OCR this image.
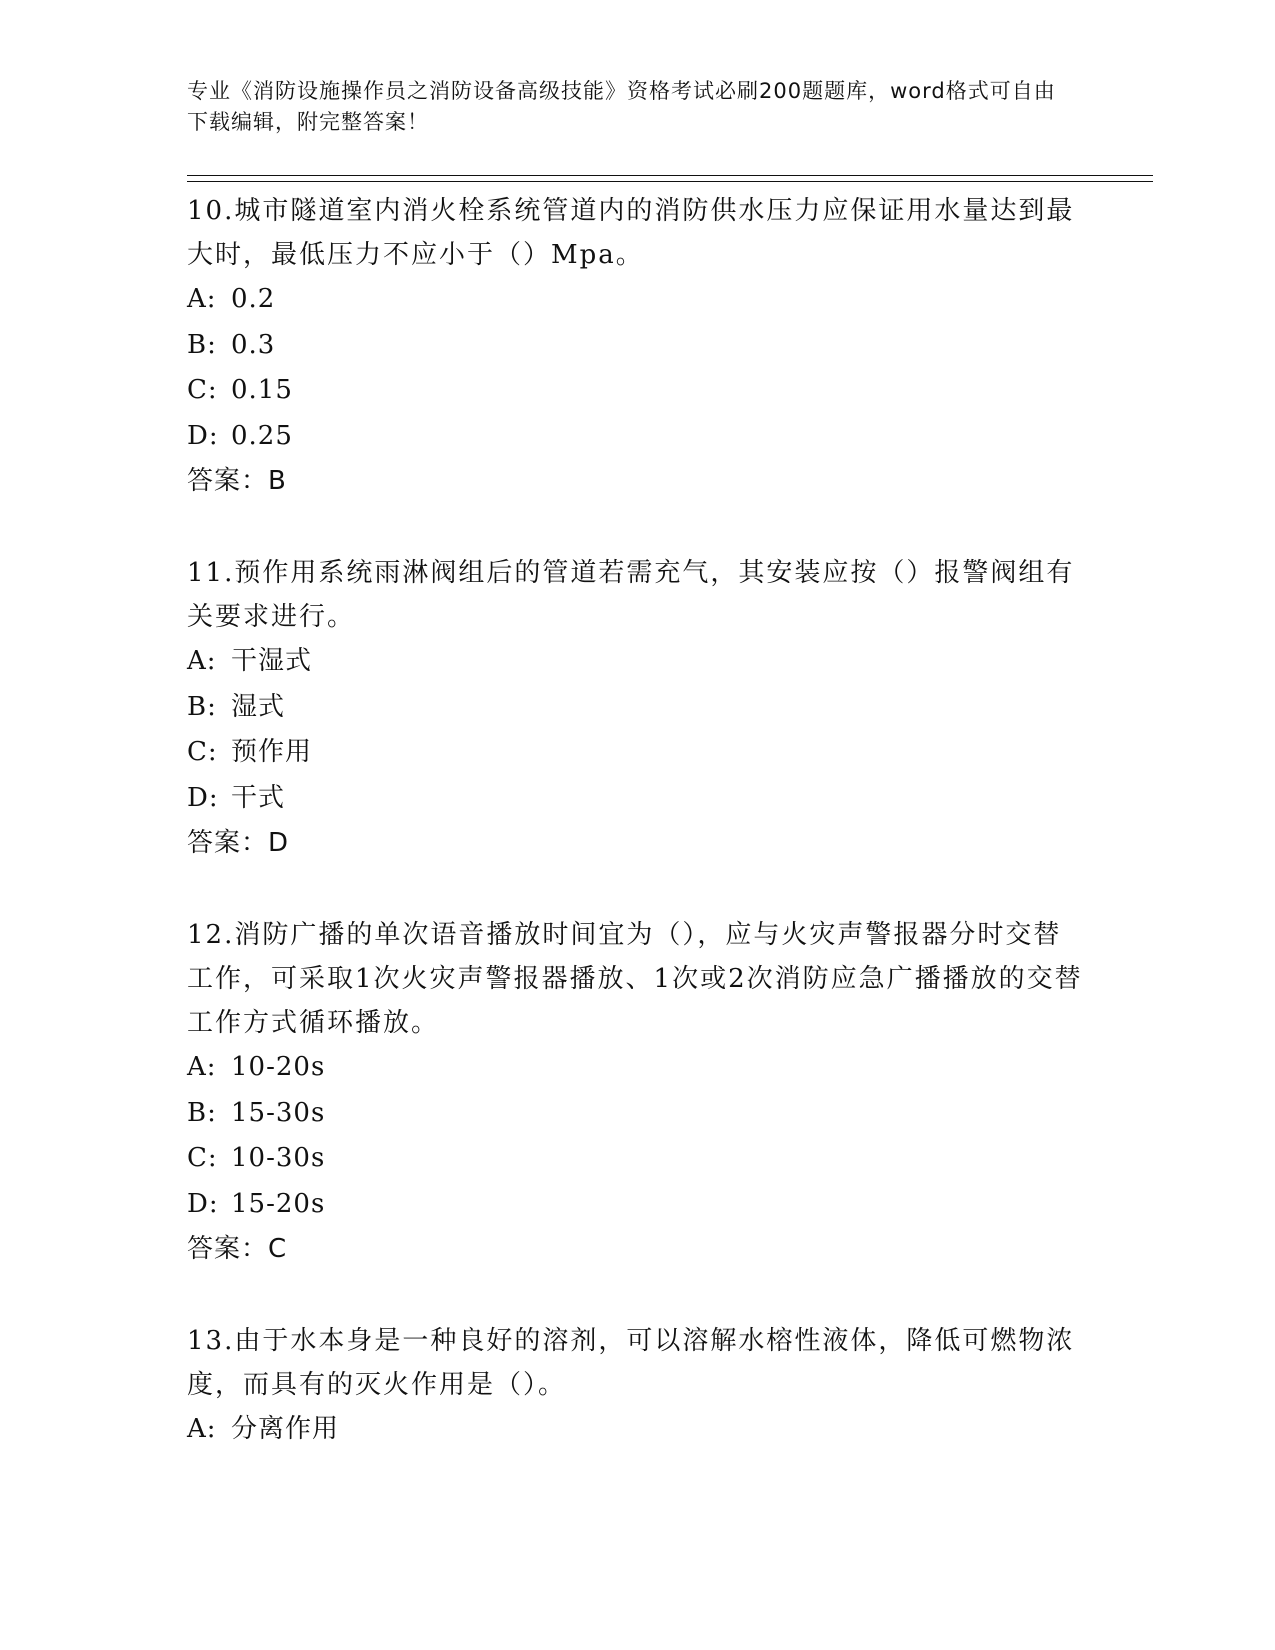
专业《消防设施操作员之消防设备高级技能》资格考试必刷200题题库，word格式可自由下载编辑，附完整答案！

10.城市隧道室内消火栓系统管道内的消防供水压力应保证用水量达到最大时，最低压力不应小于（）Mpa。

A: 0.2
B: 0.3
C: 0.15
D: 0.25
答案：B

11.预作用系统雨淋阀组后的管道若需充气，其安装应按（）报警阀组有关要求进行。

A: 干湿式
B: 湿式
C: 预作用
D: 干式
答案：D

12.消防广播的单次语音播放时间宜为（），应与火灾声警报器分时交替工作，可采取1次火灾声警报器播放、1次或2次消防应急广播播放的交替工作方式循环播放。

A: 10-20s
B: 15-30s
C: 10-30s
D: 15-20s
答案：C

13.由于水本身是一种良好的溶剂，可以溶解水榕性液体，降低可燃物浓度，而具有的灭火作用是（）。

A: 分离作用
